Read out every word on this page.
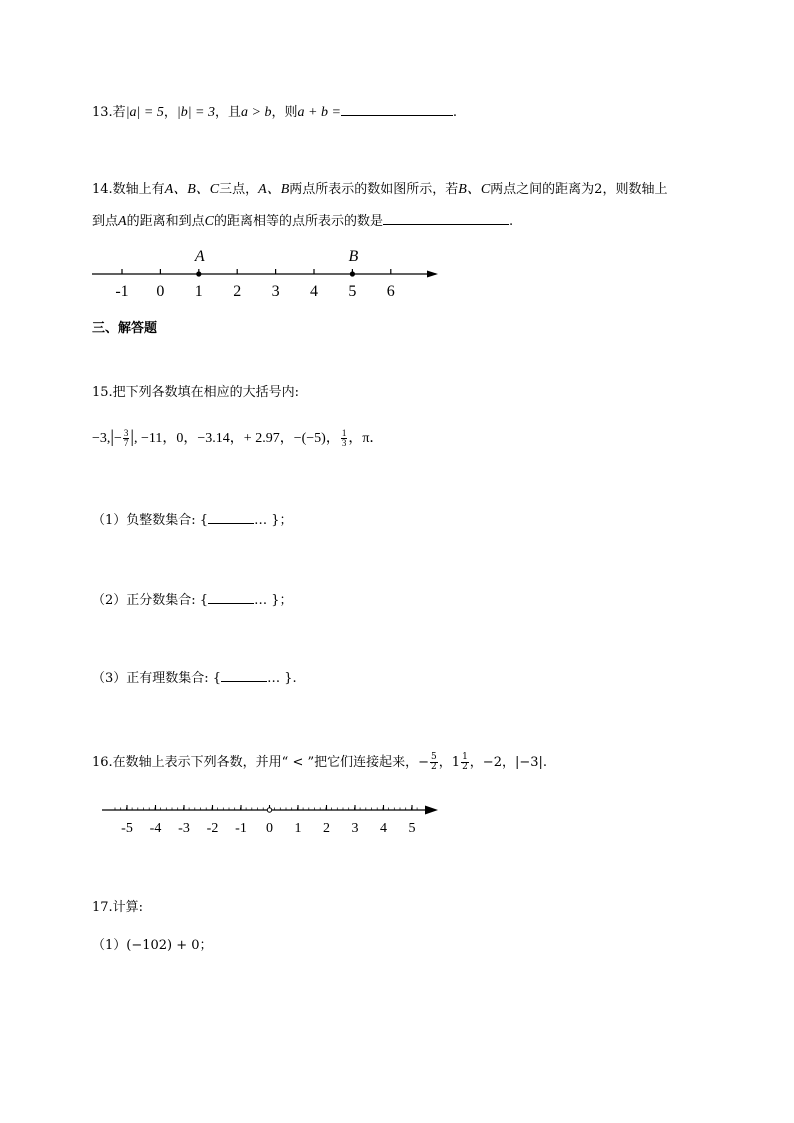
13.若|a| = 5，|b| = 3，且a > b，则a + b =	.
14.数轴上有A、B、C三点，A、B两点所表示的数如图所示，若B、C两点之间的距离为2，则数轴上
到点A的距离和到点C的距离相等的点所表示的数是	.
-1 0 1 2 3 4 5 6
A	B
三、解答题
15.把下列各数填在相应的大括号内:
$-3,|- \frac{3}{7}$ |, −11，0，−3.14，+ 2.97，−(−5)， $\frac{1}{3}$ ，π．
（1）负整数集合: {	… }；
（2）正分数集合: {	… }；
（3）正有理数集合: {	… }.
16.在数轴上表示下列各数，并用“ < ”把它们连接起来，− $\frac{5}{2}$ ，$1 \frac{1}{2}$ ，−2，|−3|.
-5 -4 -3 -2 -1 0 1 2 3 4 5
17.计算:
（1）(−102) + 0；
